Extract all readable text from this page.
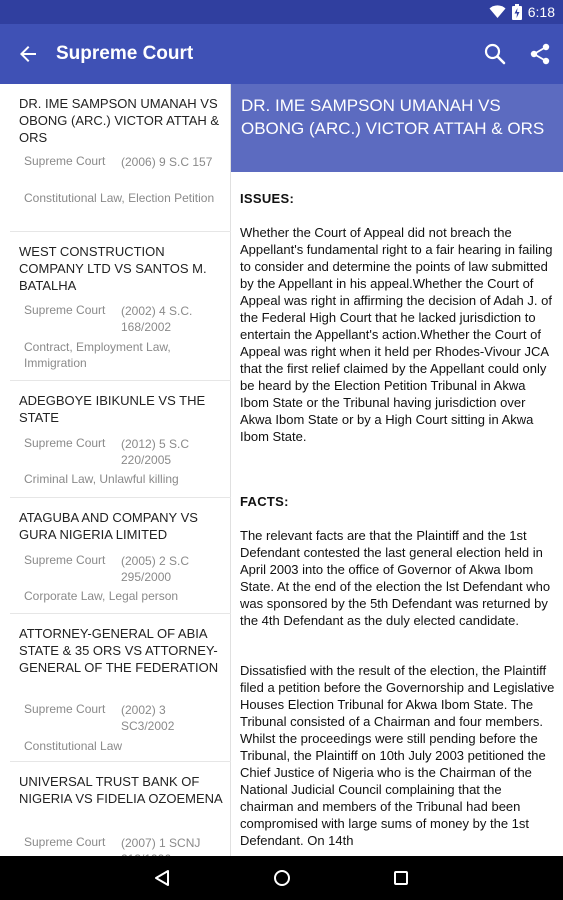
6:18
Supreme Court
DR. IME SAMPSON UMANAH VS OBONG (ARC.) VICTOR ATTAH & ORS
Supreme Court (2006) 9 S.C 157
Constitutional Law, Election Petition
WEST CONSTRUCTION COMPANY LTD VS SANTOS M. BATALHA
Supreme Court (2002) 4 S.C. 168/2002
Contract, Employment Law, Immigration
ADEGBOYE IBIKUNLE VS THE STATE
Supreme Court (2012) 5 S.C 220/2005
Criminal Law, Unlawful killing
ATAGUBA AND COMPANY VS GURA NIGERIA LIMITED
Supreme Court (2005) 2 S.C 295/2000
Corporate Law, Legal person
ATTORNEY-GENERAL OF ABIA STATE & 35 ORS VS ATTORNEY-GENERAL OF THE FEDERATION
Supreme Court (2002) 3 SC3/2002
Constitutional Law
UNIVERSAL TRUST BANK OF NIGERIA VS FIDELIA OZOEMENA
Supreme Court (2007) 1 SCNJ
DR. IME SAMPSON UMANAH VS OBONG (ARC.) VICTOR ATTAH & ORS
ISSUES:
Whether the Court of Appeal did not breach the Appellant's fundamental right to a fair hearing in failing to consider and determine the points of law submitted by the Appellant in his appeal.Whether the Court of Appeal was right in affirming the decision of Adah J. of the Federal High Court that he lacked jurisdiction to entertain the Appellant's action.Whether the Court of Appeal was right when it held per Rhodes-Vivour JCA that the first relief claimed by the Appellant could only be heard by the Election Petition Tribunal in Akwa Ibom State or the Tribunal having jurisdiction over Akwa Ibom State or by a High Court sitting in Akwa Ibom State.
FACTS:
The relevant facts are that the Plaintiff and the 1st Defendant contested the last general election held in April 2003 into the office of Governor of Akwa Ibom State. At the end of the election the lst Defendant who was sponsored by the 5th Defendant was returned by the 4th Defendant as the duly elected candidate.
Dissatisfied with the result of the election, the Plaintiff filed a petition before the Governorship and Legislative Houses Election Tribunal for Akwa Ibom State. The Tribunal consisted of a Chairman and four members. Whilst the proceedings were still pending before the Tribunal, the Plaintiff on 10th July 2003 petitioned the Chief Justice of Nigeria who is the Chairman of the National Judicial Council complaining that the chairman and members of the Tribunal had been compromised with large sums of money by the 1st Defendant. On 14th
